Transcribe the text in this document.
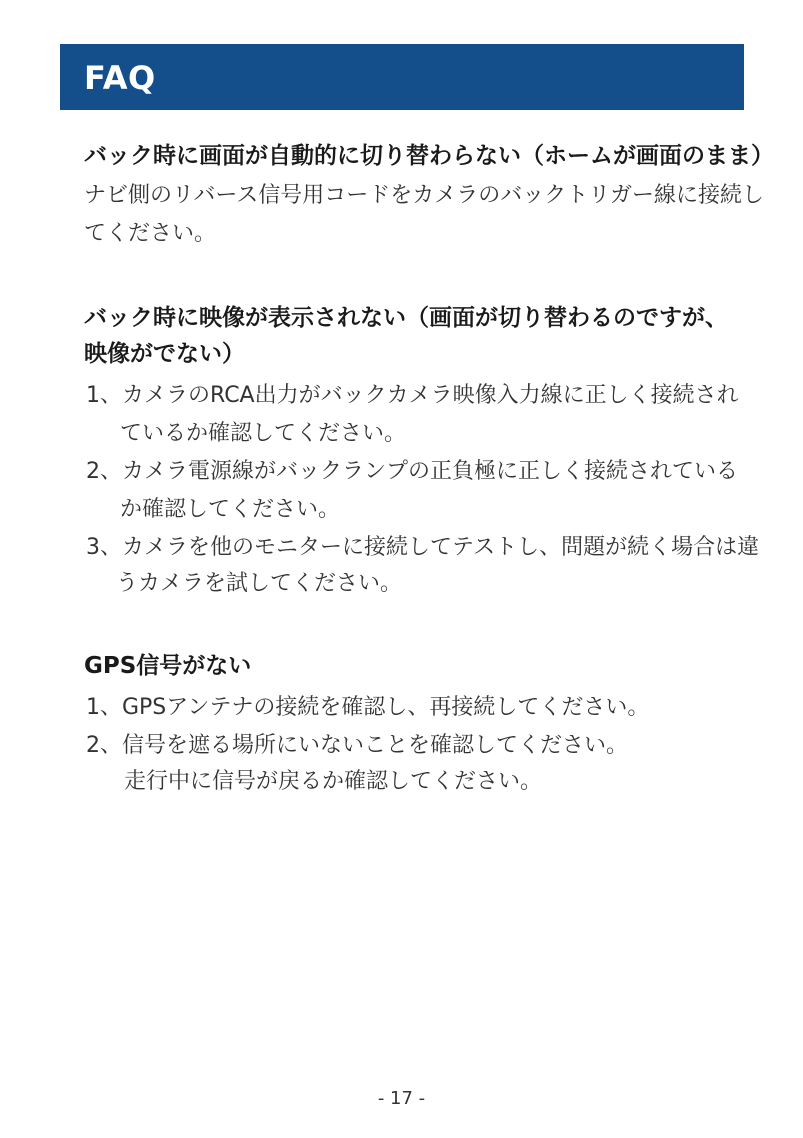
FAQ
バック時に画面が自動的に切り替わらない（ホームが画面のまま）
ナビ側のリバース信号用コードをカメラのバックトリガー線に接続し
てください。
バック時に映像が表示されない（画面が切り替わるのですが、
映像がでない）
1、カメラのRCA出力がバックカメラ映像入力線に正しく接続され
ているか確認してください。
2、カメラ電源線がバックランプの正負極に正しく接続されている
か確認してください。
3、カメラを他のモニターに接続してテストし、問題が続く場合は違
うカメラを試してください。
GPS信号がない
1、GPSアンテナの接続を確認し、再接続してください。
2、信号を遮る場所にいないことを確認してください。
走行中に信号が戻るか確認してください。
- 17 -
